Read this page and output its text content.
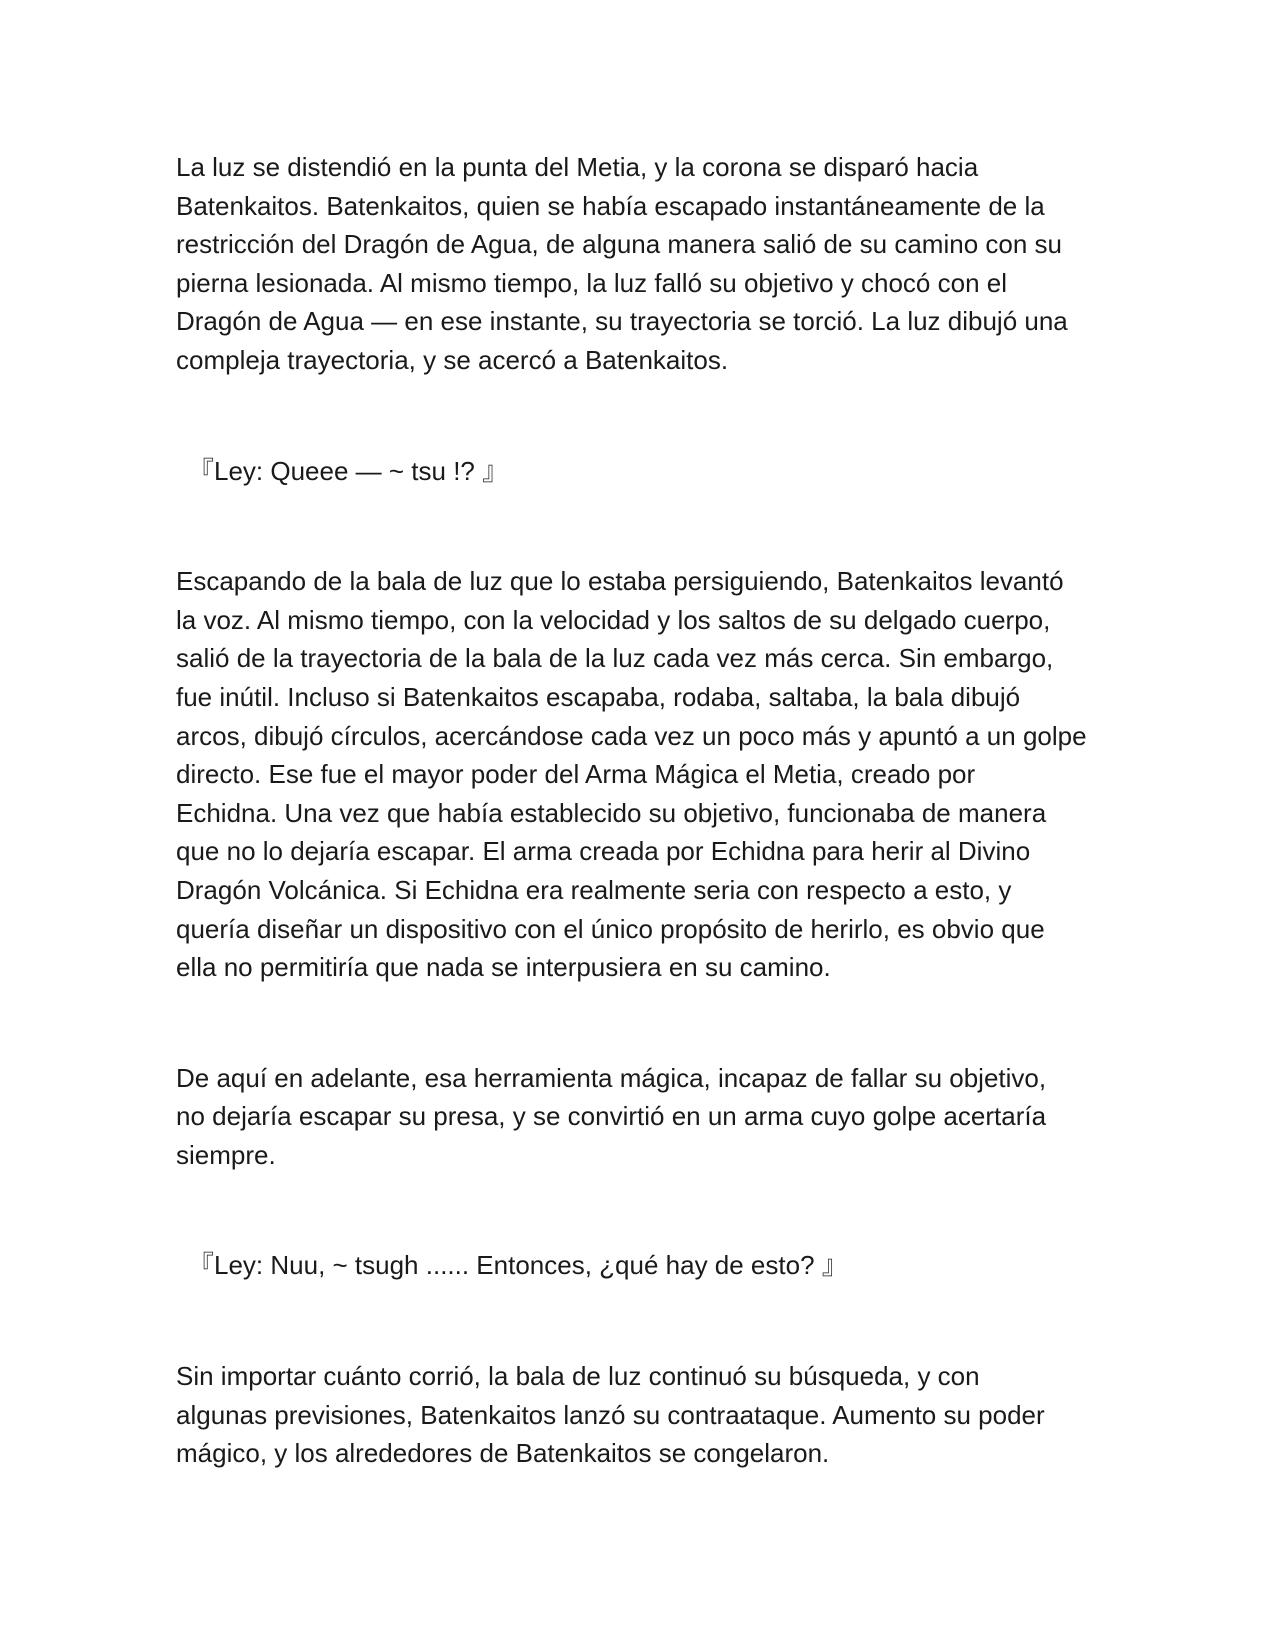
La luz se distendió en la punta del Metia, y la corona se disparó hacia
Batenkaitos. Batenkaitos, quien se había escapado instantáneamente de la
restricción del Dragón de Agua, de alguna manera salió de su camino con su
pierna lesionada. Al mismo tiempo, la luz falló su objetivo y chocó con el
Dragón de Agua ― en ese instante, su trayectoria se torció. La luz dibujó una
compleja trayectoria, y se acercó a Batenkaitos.

『Ley: Queee ― ~ tsu !? 』

Escapando de la bala de luz que lo estaba persiguiendo, Batenkaitos levantó
la voz. Al mismo tiempo, con la velocidad y los saltos de su delgado cuerpo,
salió de la trayectoria de la bala de la luz cada vez más cerca. Sin embargo,
fue inútil. Incluso si Batenkaitos escapaba, rodaba, saltaba, la bala dibujó
arcos, dibujó círculos, acercándose cada vez un poco más y apuntó a un golpe
directo. Ese fue el mayor poder del Arma Mágica el Metia, creado por
Echidna. Una vez que había establecido su objetivo, funcionaba de manera
que no lo dejaría escapar. El arma creada por Echidna para herir al Divino
Dragón Volcánica. Si Echidna era realmente seria con respecto a esto, y
quería diseñar un dispositivo con el único propósito de herirlo, es obvio que
ella no permitiría que nada se interpusiera en su camino.

De aquí en adelante, esa herramienta mágica, incapaz de fallar su objetivo,
no dejaría escapar su presa, y se convirtió en un arma cuyo golpe acertaría
siempre.

『Ley: Nuu, ~ tsugh ...... Entonces, ¿qué hay de esto? 』

Sin importar cuánto corrió, la bala de luz continuó su búsqueda, y con
algunas previsiones, Batenkaitos lanzó su contraataque. Aumento su poder
mágico, y los alrededores de Batenkaitos se congelaron.
